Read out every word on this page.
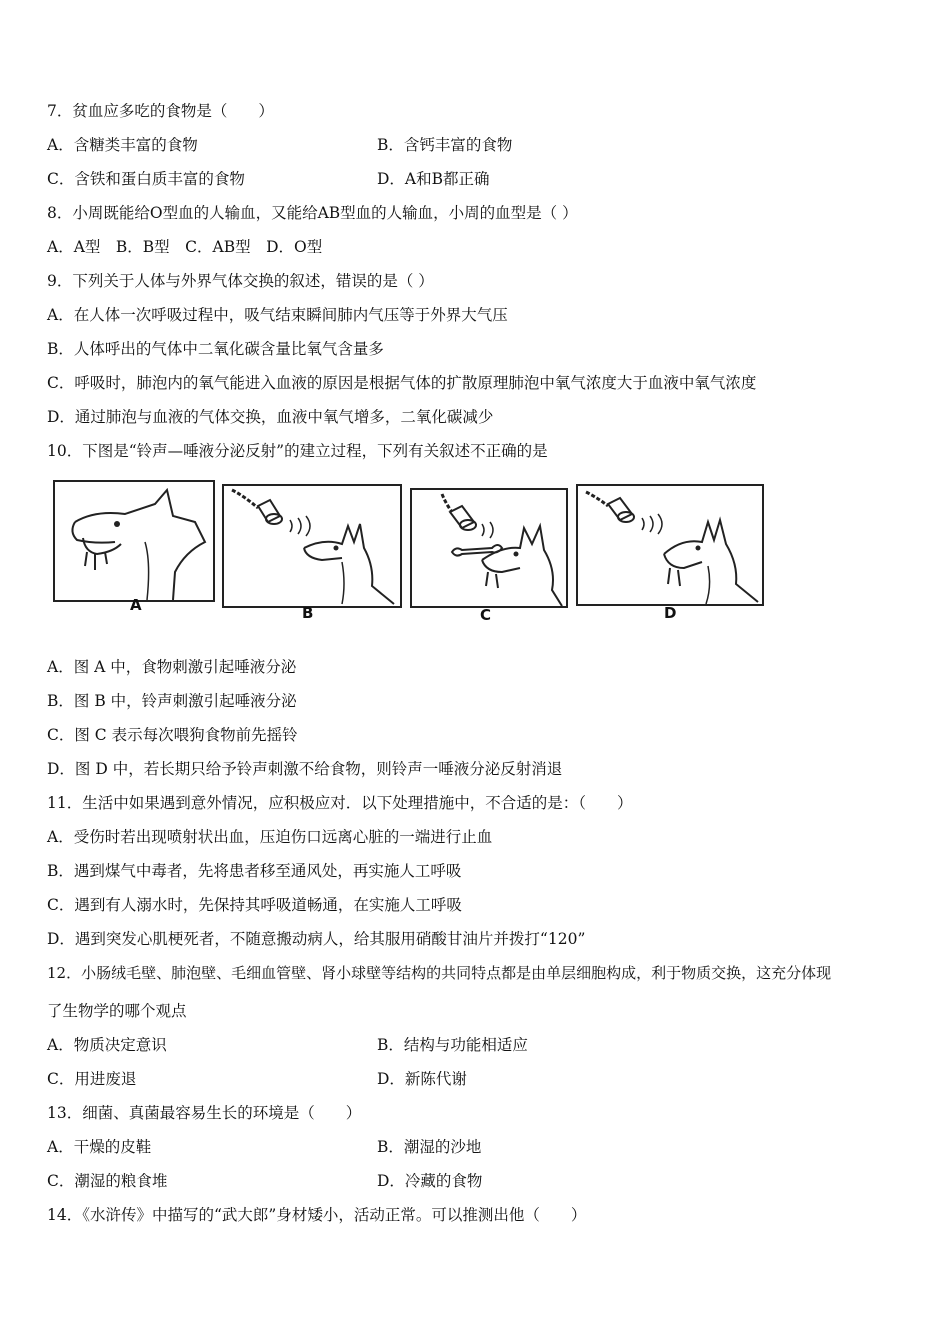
7．贫血应多吃的食物是（　　）
A．含糖类丰富的食物	B．含钙丰富的食物
C．含铁和蛋白质丰富的食物	D．A和B都正确
8．小周既能给O型血的人输血，又能给AB型血的人输血，小周的血型是（ ）
A．A型　B．B型　C．AB型　D．O型
9．下列关于人体与外界气体交换的叙述，错误的是（ ）
A．在人体一次呼吸过程中，吸气结束瞬间肺内气压等于外界大气压
B．人体呼出的气体中二氧化碳含量比氧气含量多
C．呼吸时，肺泡内的氧气能进入血液的原因是根据气体的扩散原理肺泡中氧气浓度大于血液中氧气浓度
D．通过肺泡与血液的气体交换，血液中氧气增多，二氧化碳减少
10．下图是“铃声—唾液分泌反射”的建立过程，下列有关叙述不正确的是
A	B	C	D
A．图 A 中，食物刺激引起唾液分泌
B．图 B 中，铃声刺激引起唾液分泌
C．图 C 表示每次喂狗食物前先摇铃
D．图 D 中，若长期只给予铃声刺激不给食物，则铃声一唾液分泌反射消退
11．生活中如果遇到意外情况，应积极应对．以下处理措施中，不合适的是：（　　）
A．受伤时若出现喷射状出血，压迫伤口远离心脏的一端进行止血
B．遇到煤气中毒者，先将患者移至通风处，再实施人工呼吸
C．遇到有人溺水时，先保持其呼吸道畅通，在实施人工呼吸
D．遇到突发心肌梗死者，不随意搬动病人，给其服用硝酸甘油片并拨打“120”
12．小肠绒毛壁、肺泡壁、毛细血管壁、肾小球壁等结构的共同特点都是由单层细胞构成，利于物质交换，这充分体现
了生物学的哪个观点
A．物质决定意识	B．结构与功能相适应
C．用进废退	D．新陈代谢
13．细菌、真菌最容易生长的环境是（　　）
A．干燥的皮鞋	B．潮湿的沙地
C．潮湿的粮食堆	D．冷藏的食物
14．《水浒传》中描写的“武大郎”身材矮小，活动正常。可以推测出他（　　）
